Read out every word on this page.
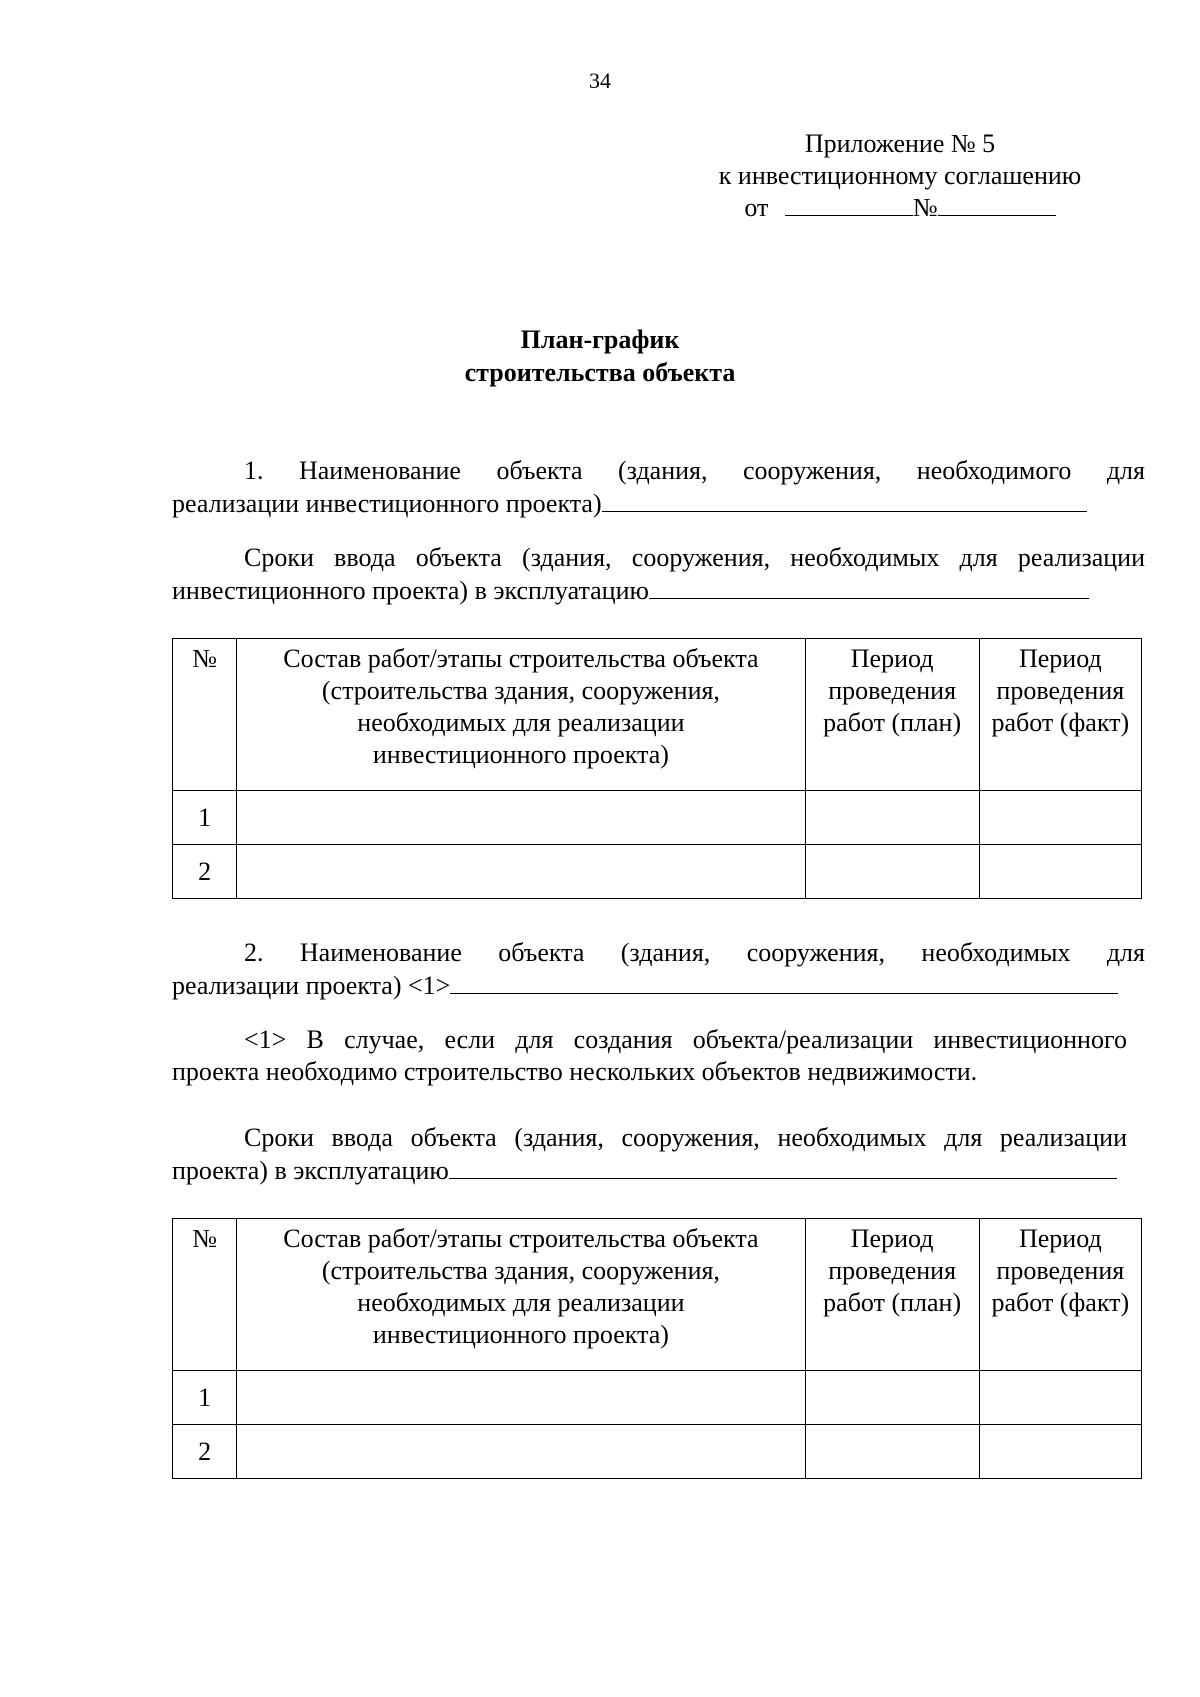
34
Приложение № 5
к инвестиционному соглашению
от	№
План-график
строительства объекта
1. Наименование объекта (здания, сооружения, необходимого для
реализации инвестиционного проекта)
Сроки ввода объекта (здания, сооружения, необходимых для реализации
инвестиционного проекта) в эксплуатацию
№	Состав работ/этапы строительства объекта
(строительства здания, сооружения,
необходимых для реализации
инвестиционного проекта)	Период
проведения
работ (план)	Период
проведения
работ (факт)

1			
2			
2. Наименование объекта (здания, сооружения, необходимых для
реализации проекта) <1>
<1> В случае, если для создания объекта/реализации инвестиционного
проекта необходимо строительство нескольких объектов недвижимости.
Сроки ввода объекта (здания, сооружения, необходимых для реализации
проекта) в эксплуатацию
№	Состав работ/этапы строительства объекта
(строительства здания, сооружения,
необходимых для реализации
инвестиционного проекта)	Период
проведения
работ (план)	Период
проведения
работ (факт)

1			
2			
